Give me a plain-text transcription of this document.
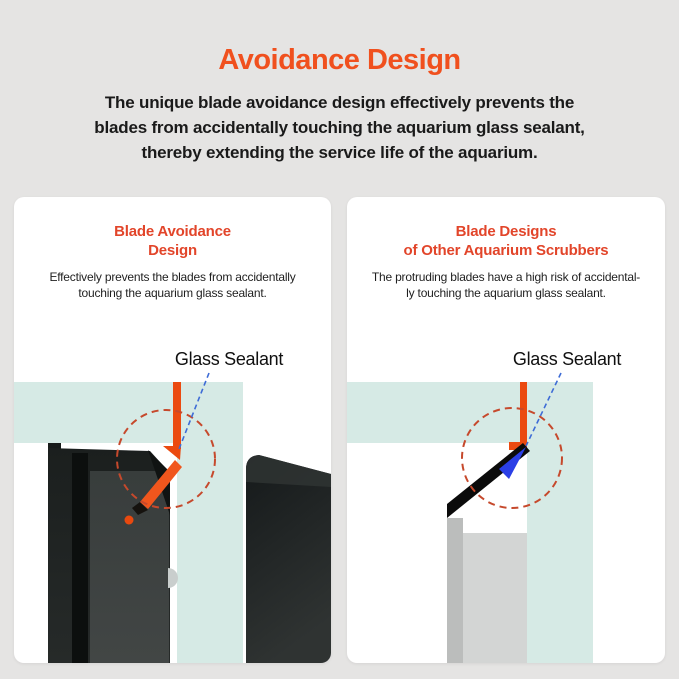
Avoidance Design
The unique blade avoidance design effectively prevents the
blades from accidentally touching the aquarium glass sealant,
thereby extending the service life of the aquarium.
Blade Avoidance
Design
Effectively prevents the blades from accidentally
touching the aquarium glass sealant.
Glass Sealant
Blade Designs
of Other Aquarium Scrubbers
The protruding blades have a high risk of accidental-
ly touching the aquarium glass sealant.
Glass Sealant
